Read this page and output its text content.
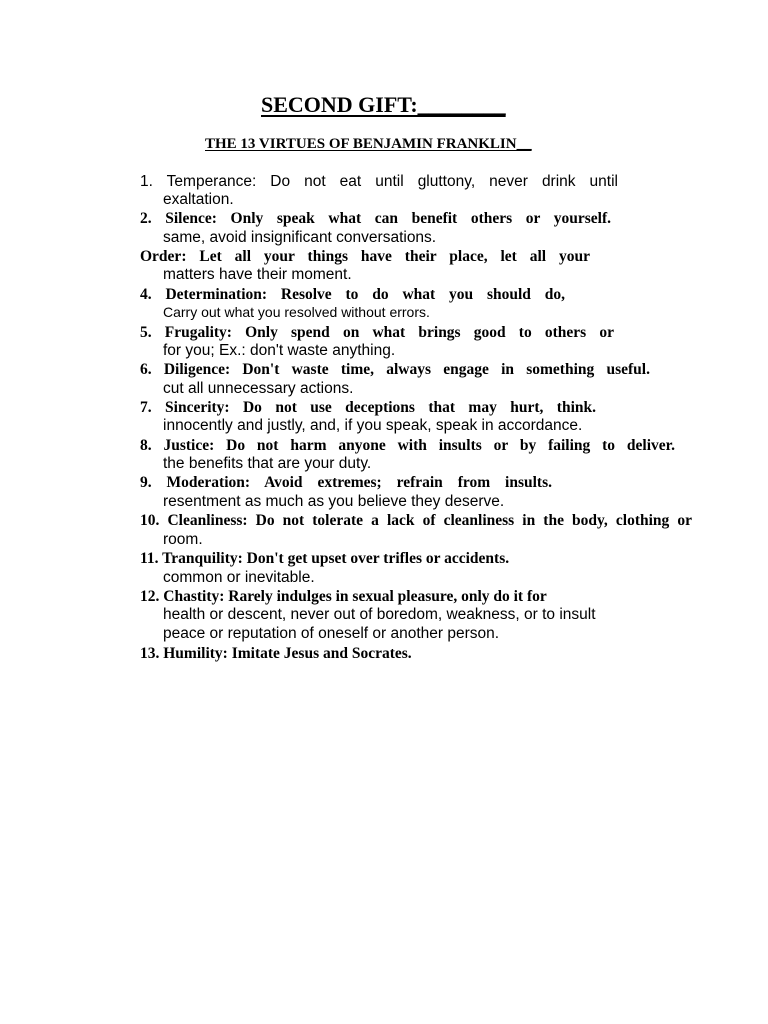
SECOND GIFT:________
THE 13 VIRTUES OF BENJAMIN FRANKLIN__
1. Temperance: Do not eat until gluttony, never drink until
exaltation.
2. Silence: Only speak what can benefit others or yourself.
same, avoid insignificant conversations.
Order: Let all your things have their place, let all your
matters have their moment.
4. Determination: Resolve to do what you should do,
Carry out what you resolved without errors.
5. Frugality: Only spend on what brings good to others or
for you; Ex.: don't waste anything.
6. Diligence: Don't waste time, always engage in something useful.
cut all unnecessary actions.
7. Sincerity: Do not use deceptions that may hurt, think.
innocently and justly, and, if you speak, speak in accordance.
8. Justice: Do not harm anyone with insults or by failing to deliver.
the benefits that are your duty.
9. Moderation: Avoid extremes; refrain from insults.
resentment as much as you believe they deserve.
10. Cleanliness: Do not tolerate a lack of cleanliness in the body, clothing or
room.
11. Tranquility: Don't get upset over trifles or accidents.
common or inevitable.
12. Chastity: Rarely indulges in sexual pleasure, only do it for
health or descent, never out of boredom, weakness, or to insult
peace or reputation of oneself or another person.
13. Humility: Imitate Jesus and Socrates.
